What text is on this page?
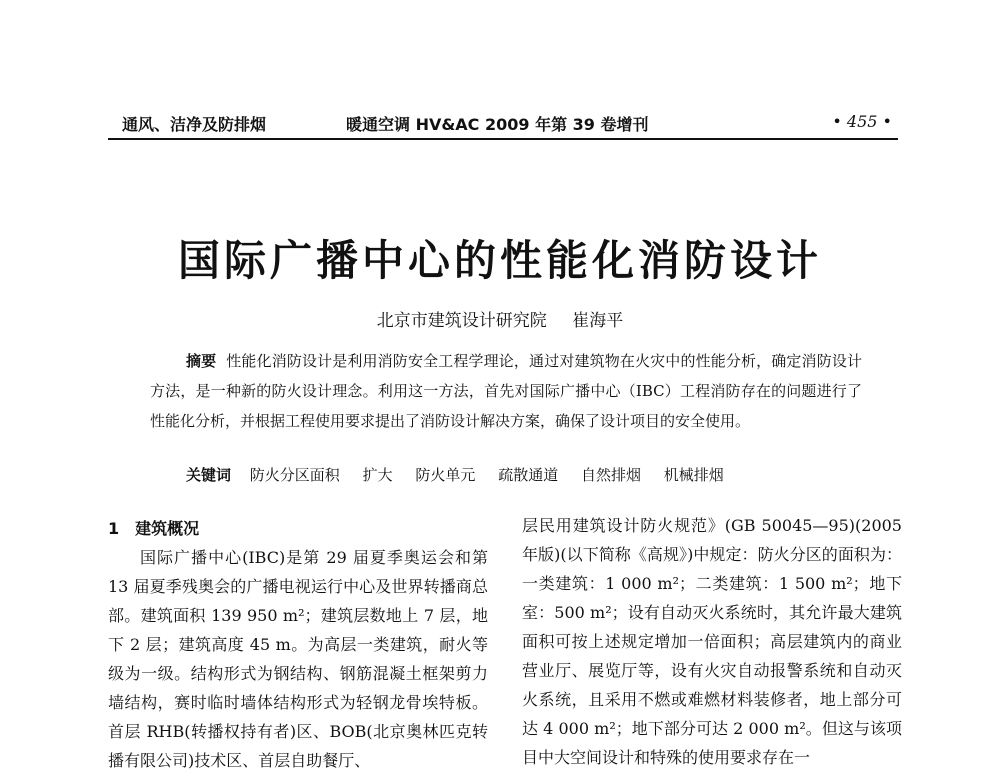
通风、洁净及防排烟	暖通空调 HV&AC 2009 年第 39 卷增刊	• 455 •
国际广播中心的性能化消防设计
北京市建筑设计研究院 崔海平
摘要 性能化消防设计是利用消防安全工程学理论，通过对建筑物在火灾中的性能分析，确定消防设计方法，是一种新的防火设计理念。利用这一方法，首先对国际广播中心（IBC）工程消防存在的问题进行了性能化分析，并根据工程使用要求提出了消防设计解决方案，确保了设计项目的安全使用。
关键词 防火分区面积 扩大 防火单元 疏散通道 自然排烟 机械排烟
1 建筑概况
国际广播中心(IBC)是第 29 届夏季奥运会和第 13 届夏季残奥会的广播电视运行中心及世界转播商总部。建筑面积 139 950 m²；建筑层数地上 7 层，地下 2 层；建筑高度 45 m。为高层一类建筑，耐火等级为一级。结构形式为钢结构、钢筋混凝土框架剪力墙结构，赛时临时墙体结构形式为轻钢龙骨埃特板。首层 RHB(转播权持有者)区、BOB(北京奥林匹克转播有限公司)技术区、首层自助餐厅、
层民用建筑设计防火规范》(GB 50045—95)(2005 年版)(以下简称《高规》)中规定：防火分区的面积为：一类建筑：1 000 m²；二类建筑：1 500 m²；地下室：500 m²；设有自动灭火系统时，其允许最大建筑面积可按上述规定增加一倍面积；高层建筑内的商业营业厅、展览厅等，设有火灾自动报警系统和自动灭火系统，且采用不燃或难燃材料装修者，地上部分可达 4 000 m²；地下部分可达 2 000 m²。但这与该项目中大空间设计和特殊的使用要求存在一
